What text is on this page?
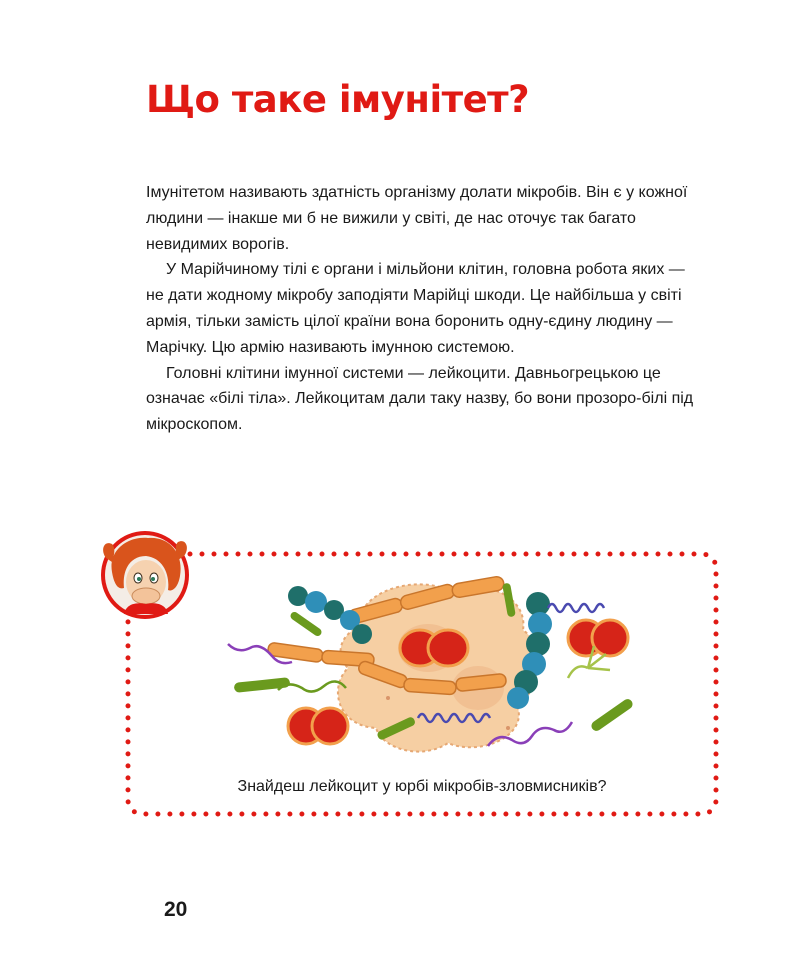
Що таке імунітет?

Імунітетом називають здатність організму долати мікробів. Він є у кожної людини — інакше ми б не вижили у світі, де нас оточує так багато невидимих ворогів.

У Марійчиному тілі є органи і мільйони клітин, головна робота яких — не дати жодному мікробу заподіяти Марійці шкоди. Це найбільша у світі армія, тільки замість цілої країни вона боронить одну-єдину людину — Марічку. Цю армію називають імунною системою.

Головні клітини імунної системи — лейкоцити. Давньогрецькою це означає «білі тіла». Лейкоцитам дали таку назву, бо вони прозоро-білі під мікроскопом.

Знайдеш лейкоцит у юрбі мікробів-зловмисників?
20
